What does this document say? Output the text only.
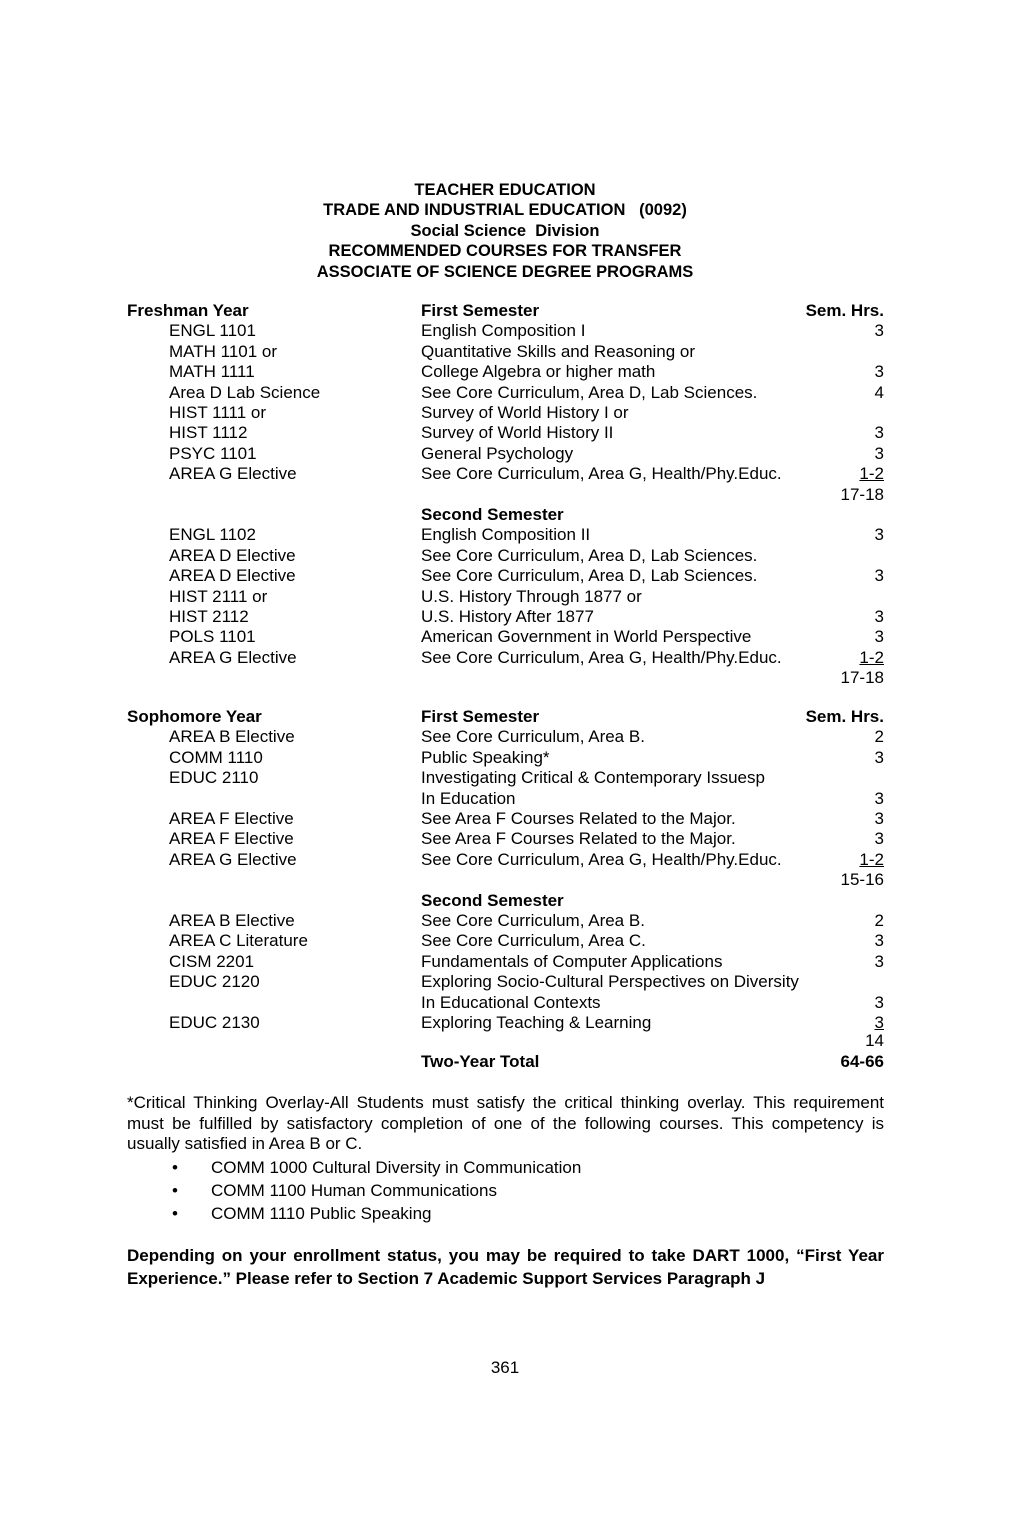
TEACHER EDUCATION
TRADE AND INDUSTRIAL EDUCATION   (0092)
Social Science  Division
RECOMMENDED COURSES FOR TRANSFER
ASSOCIATE OF SCIENCE DEGREE PROGRAMS
Freshman Year	First Semester	Sem. Hrs.
ENGL 1101	English Composition I	3
MATH 1101 or	Quantitative Skills and Reasoning or
MATH 1111	College Algebra or higher math	3
Area D Lab Science	See Core Curriculum, Area D, Lab Sciences.	4
HIST 1111 or	Survey of World History I or
HIST 1112	Survey of World History II	3
PSYC 1101	General Psychology	3
AREA G Elective	See Core Curriculum, Area G, Health/Phy.Educ.	1-2
17-18
Second Semester
ENGL 1102	English Composition II	3
AREA D Elective	See Core Curriculum, Area D, Lab Sciences.
AREA D Elective	See Core Curriculum, Area D, Lab Sciences.	3
HIST 2111 or	U.S. History Through 1877 or
HIST 2112	U.S. History After 1877	3
POLS 1101	American Government in World Perspective	3
AREA G Elective	See Core Curriculum, Area G, Health/Phy.Educ.	1-2
17-18
Sophomore Year	First Semester	Sem. Hrs.
AREA B Elective	See Core Curriculum, Area B.	2
COMM 1110	Public Speaking*	3
EDUC 2110	Investigating Critical & Contemporary Issuesp
In Education	3
AREA F Elective	See Area F Courses Related to the Major.	3
AREA F Elective	See Area F Courses Related to the Major.	3
AREA G Elective	See Core Curriculum, Area G, Health/Phy.Educ.	1-2
15-16
Second Semester
AREA B Elective	See Core Curriculum, Area B.	2
AREA C Literature	See Core Curriculum, Area C.	3
CISM 2201	Fundamentals of Computer Applications	3
EDUC 2120	Exploring Socio-Cultural Perspectives on Diversity
In Educational Contexts	3
EDUC 2130	Exploring Teaching & Learning	3
14
Two-Year Total	64-66
*Critical Thinking Overlay-All Students must satisfy the critical thinking overlay. This requirement must be fulfilled by satisfactory completion of one of the following courses. This competency is usually satisfied in Area B or C.
• COMM 1000 Cultural Diversity in Communication
• COMM 1100 Human Communications
• COMM 1110 Public Speaking
Depending on your enrollment status, you may be required to take DART 1000, “First Year Experience.” Please refer to Section 7 Academic Support Services Paragraph J
361
